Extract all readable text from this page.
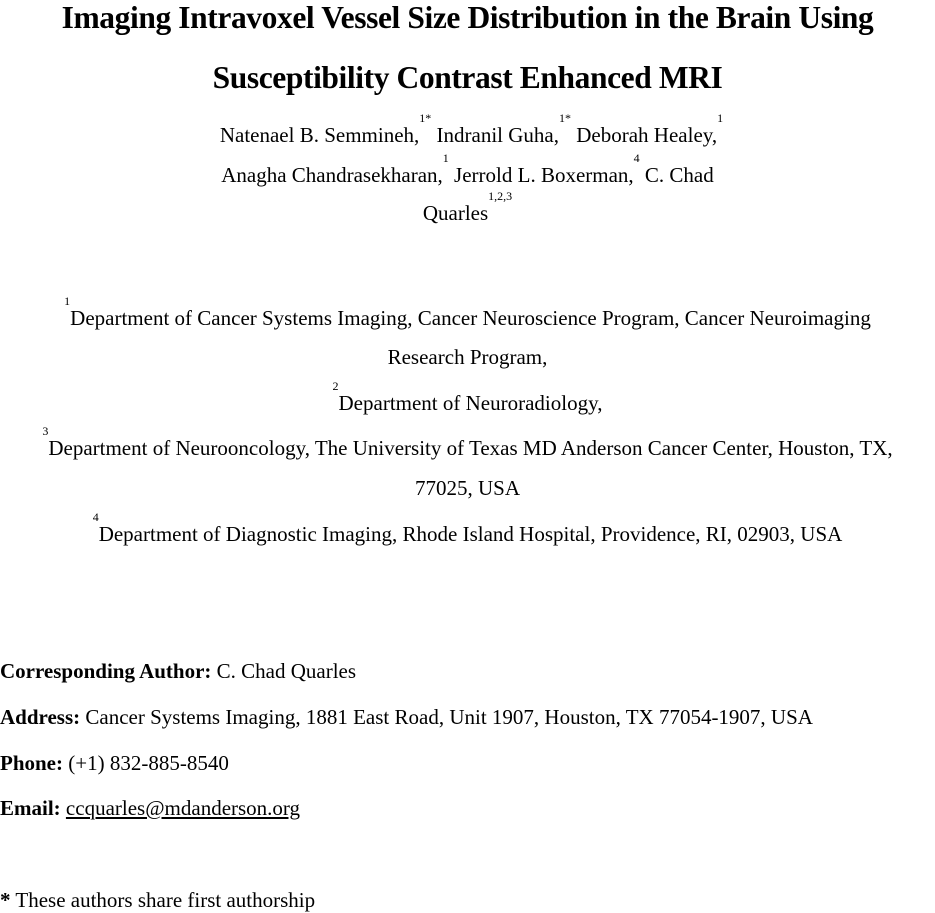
Imaging Intravoxel Vessel Size Distribution in the Brain Using
Susceptibility Contrast Enhanced MRI
Natenael B. Semmineh,$^{1*}$ Indranil Guha,$^{1*}$ Deborah Healey,$^1$
Anagha Chandrasekharan,$^1$ Jerrold L. Boxerman,$^4$ C. Chad
Quarles$^{1,2,3}$
$^1$Department of Cancer Systems Imaging, Cancer Neuroscience Program, Cancer Neuroimaging
Research Program,
$^2$Department of Neuroradiology,
$^3$Department of Neurooncology, The University of Texas MD Anderson Cancer Center, Houston, TX,
77025, USA
$^4$Department of Diagnostic Imaging, Rhode Island Hospital, Providence, RI, 02903, USA
Corresponding Author: C. Chad Quarles
Address: Cancer Systems Imaging, 1881 East Road, Unit 1907, Houston, TX 77054-1907, USA
Phone: (+1) 832-885-8540
Email: ccquarles@mdanderson.org
* These authors share first authorship
